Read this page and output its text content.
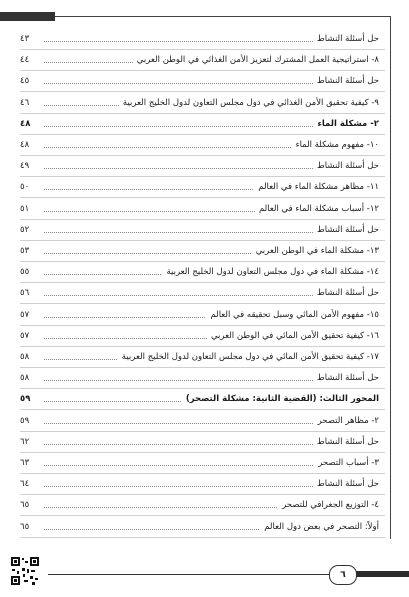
حل أسئلة النشاط
٤٣
٨- استراتيجية العمل المشترك لتعزيز الأمن الغذائي في الوطن العربي
٤٤
حل أسئلة النشاط
٤٥
٩- كيفية تحقيق الأمن الغذائي في دول مجلس التعاون لدول الخليج العربية
٤٦
٢- مشكلة الماء
٤٨
١٠- مفهوم مشكلة الماء
٤٨
حل أسئلة النشاط
٤٩
١١- مظاهر مشكلة الماء في العالم
٥٠
١٢- أسباب مشكلة الماء في العالم
٥١
حل أسئلة النشاط
٥٢
١٣- مشكلة الماء في الوطن العربي
٥٣
١٤- مشكلة الماء في دول مجلس التعاون لدول الخليج العربية
٥٥
حل أسئلة النشاط
٥٦
١٥- مفهوم الأمن المائي وسبل تحقيقه في العالم
٥٧
١٦- كيفية تحقيق الأمن المائي في الوطن العربي
٥٧
١٧- كيفية تحقيق الأمن المائي في دول مجلس التعاون لدول الخليج العربية
٥٨
حل أسئلة النشاط
٥٨
المحور الثالث: (القضية الثانية: مشكلة التصحر)
٥٩
٢- مظاهر التصحر
٥٩
حل أسئلة النشاط
٦٢
٣- أسباب التصحر
٦٣
حل أسئلة النشاط
٦٤
٤- التوزيع الجغرافي للتصحر
٦٥
أولاً: التصحر في بعض دول العالم
٦٥
٦
